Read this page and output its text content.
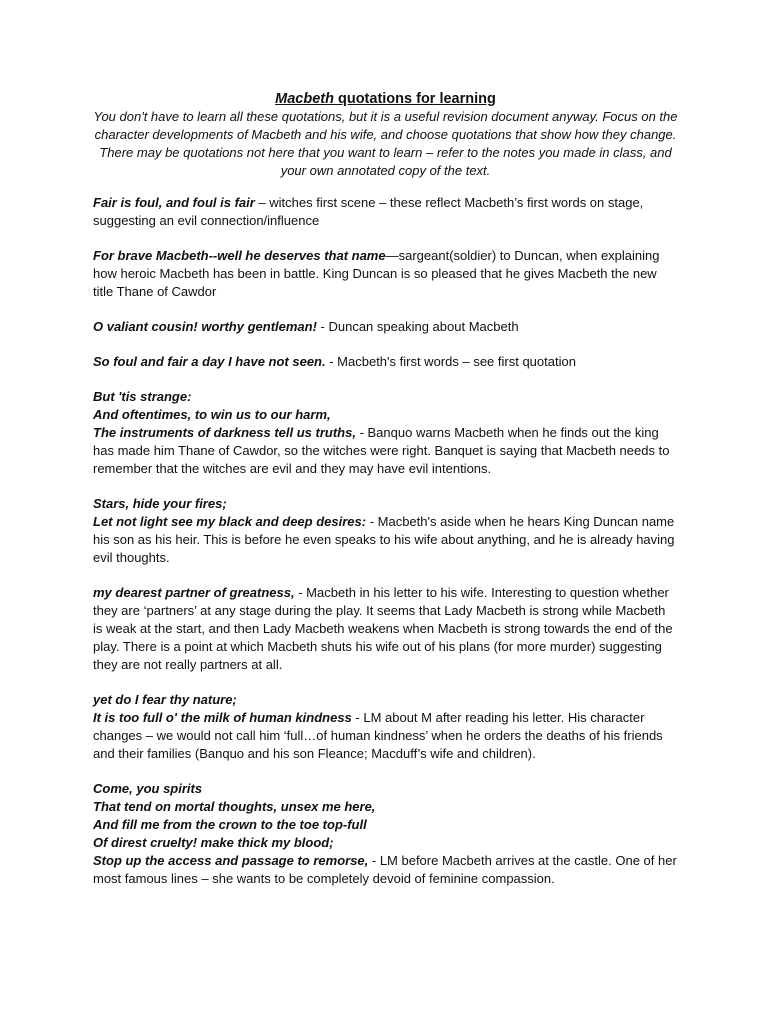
Macbeth quotations for learning

You don't have to learn all these quotations, but it is a useful revision document anyway. Focus on the character developments of Macbeth and his wife, and choose quotations that show how they change. There may be quotations not here that you want to learn – refer to the notes you made in class, and your own annotated copy of the text.

Fair is foul, and foul is fair – witches first scene – these reflect Macbeth’s first words on stage, suggesting an evil connection/influence

For brave Macbeth--well he deserves that name—sargeant(soldier) to Duncan, when explaining how heroic Macbeth has been in battle. King Duncan is so pleased that he gives Macbeth the new title Thane of Cawdor

O valiant cousin! worthy gentleman! - Duncan speaking about Macbeth

So foul and fair a day I have not seen. - Macbeth's first words – see first quotation

But 'tis strange:
And oftentimes, to win us to our harm,
The instruments of darkness tell us truths, - Banquo warns Macbeth when he finds out the king has made him Thane of Cawdor, so the witches were right. Banquet is saying that Macbeth needs to remember that the witches are evil and they may have evil intentions.

Stars, hide your fires;
Let not light see my black and deep desires: - Macbeth's aside when he hears King Duncan name his son as his heir. This is before he even speaks to his wife about anything, and he is already having evil thoughts.

my dearest partner of greatness, - Macbeth in his letter to his wife. Interesting to question whether they are ‘partners’ at any stage during the play. It seems that Lady Macbeth is strong while Macbeth is weak at the start, and then Lady Macbeth weakens when Macbeth is strong towards the end of the play. There is a point at which Macbeth shuts his wife out of his plans (for more murder) suggesting they are not really partners at all.

yet do I fear thy nature;
It is too full o' the milk of human kindness - LM about M after reading his letter. His character changes – we would not call him ‘full…of human kindness’ when he orders the deaths of his friends and their families (Banquo and his son Fleance; Macduff’s wife and children).

Come, you spirits
That tend on mortal thoughts, unsex me here,
And fill me from the crown to the toe top-full
Of direst cruelty! make thick my blood;
Stop up the access and passage to remorse, - LM before Macbeth arrives at the castle. One of her most famous lines – she wants to be completely devoid of feminine compassion.
